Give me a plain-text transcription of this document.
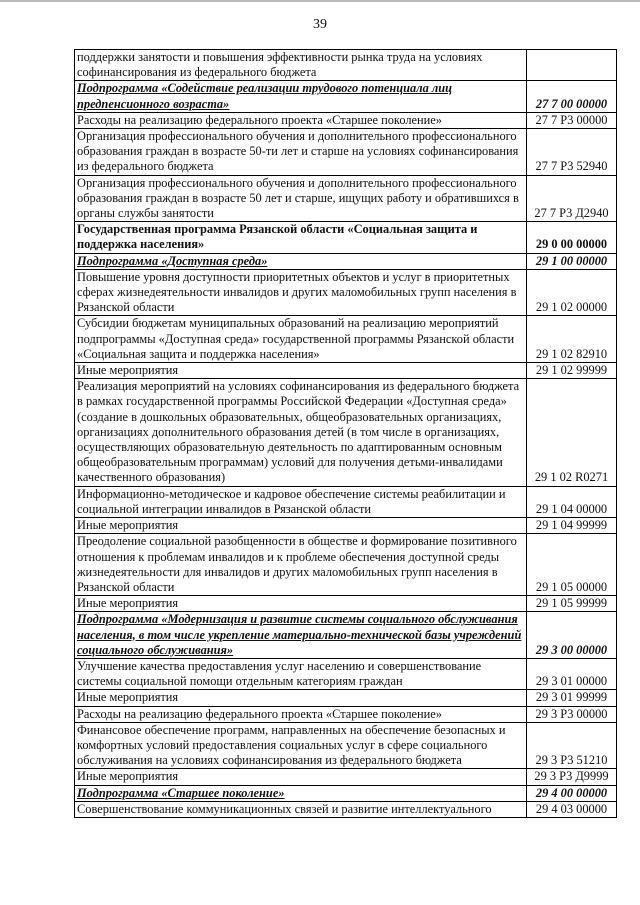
39
поддержки занятости и повышения эффективности рынка труда на условиях софинансирования из федерального бюджета	
Подпрограмма «Содействие реализации трудового потенциала лиц предпенсионного возраста»	27 7 00 00000
Расходы на реализацию федерального проекта «Старшее поколение»	27 7 Р3 00000
Организация профессионального обучения и дополнительного профессионального образования граждан в возрасте 50-ти лет и старше на условиях софинансирования из федерального бюджета	27 7 Р3 52940
Организация профессионального обучения и дополнительного профессионального образования граждан в возрасте 50 лет и старше, ищущих работу и обратившихся в органы службы занятости	27 7 Р3 Д2940
Государственная программа Рязанской области «Социальная защита и поддержка населения»	29 0 00 00000
Подпрограмма «Доступная среда»	29 1 00 00000
Повышение уровня доступности приоритетных объектов и услуг в приоритетных сферах жизнедеятельности инвалидов и других маломобильных групп населения в Рязанской области	29 1 02 00000
Субсидии бюджетам муниципальных образований на реализацию мероприятий подпрограммы «Доступная среда» государственной программы Рязанской области «Социальная защита и поддержка населения»	29 1 02 82910
Иные мероприятия	29 1 02 99999
Реализация мероприятий на условиях софинансирования из федерального бюджета в рамках государственной программы Российской Федерации «Доступная среда» (создание в дошкольных образовательных, общеобразовательных организациях, организациях дополнительного образования детей (в том числе в организациях, осуществляющих образовательную деятельность по адаптированным основным общеобразовательным программам) условий для получения детьми-инвалидами качественного образования)	29 1 02 R0271
Информационно-методическое и кадровое обеспечение системы реабилитации и социальной интеграции инвалидов в Рязанской области	29 1 04 00000
Иные мероприятия	29 1 04 99999
Преодоление социальной разобщенности в обществе и формирование позитивного отношения к проблемам инвалидов и к проблеме обеспечения доступной среды жизнедеятельности для инвалидов и других маломобильных групп населения в Рязанской области	29 1 05 00000
Иные мероприятия	29 1 05 99999
Подпрограмма «Модернизация и развитие системы социального обслуживания населения, в том числе укрепление материально-технической базы учреждений социального обслуживания»	29 3 00 00000
Улучшение качества предоставления услуг населению и совершенствование системы социальной помощи отдельным категориям граждан	29 3 01 00000
Иные мероприятия	29 3 01 99999
Расходы на реализацию федерального проекта «Старшее поколение»	29 3 Р3 00000
Финансовое обеспечение программ, направленных на обеспечение безопасных и комфортных условий предоставления социальных услуг в сфере социального обслуживания на условиях софинансирования из федерального бюджета	29 3 Р3 51210
Иные мероприятия	29 3 Р3 Д9999
Подпрограмма «Старшее поколение»	29 4 00 00000
Совершенствование коммуникационных связей и развитие интеллектуального	29 4 03 00000
